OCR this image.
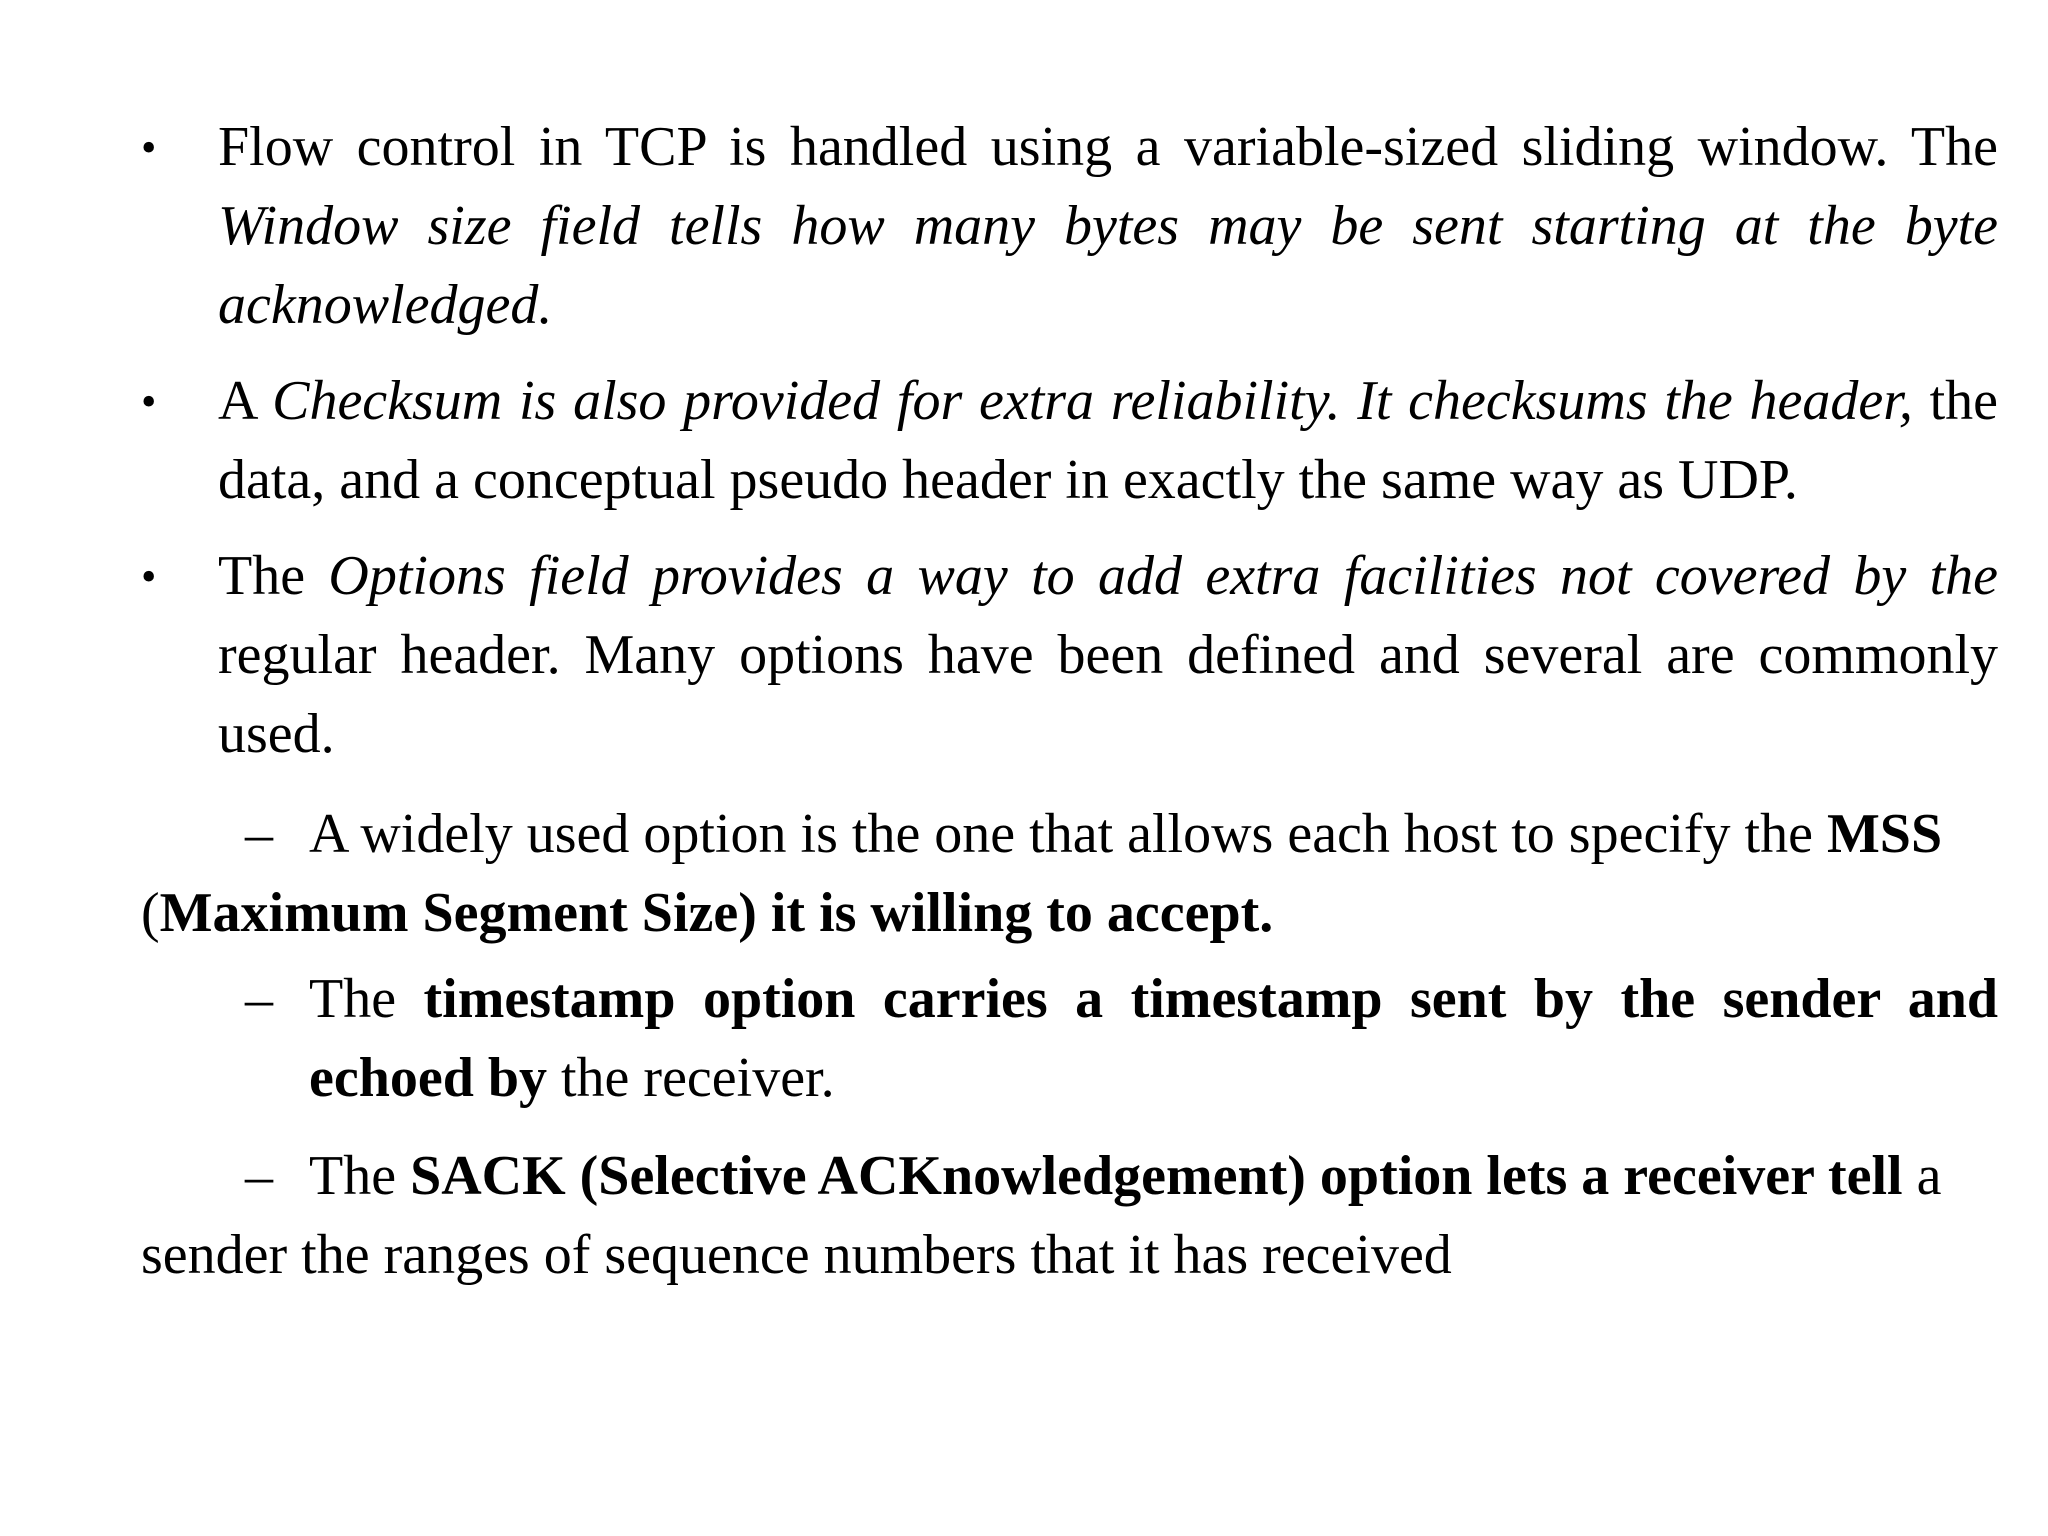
• Flow control in TCP is handled using a variable-sized sliding window. The Window size field tells how many bytes may be sent starting at the byte acknowledged.
• A Checksum is also provided for extra reliability. It checksums the header, the data, and a conceptual pseudo header in exactly the same way as UDP.
• The Options field provides a way to add extra facilities not covered by the regular header. Many options have been defined and several are commonly used.
– A widely used option is the one that allows each host to specify the MSS (Maximum Segment Size) it is willing to accept.
– The timestamp option carries a timestamp sent by the sender and echoed by the receiver.
– The SACK (Selective ACKnowledgement) option lets a receiver tell a sender the ranges of sequence numbers that it has received
